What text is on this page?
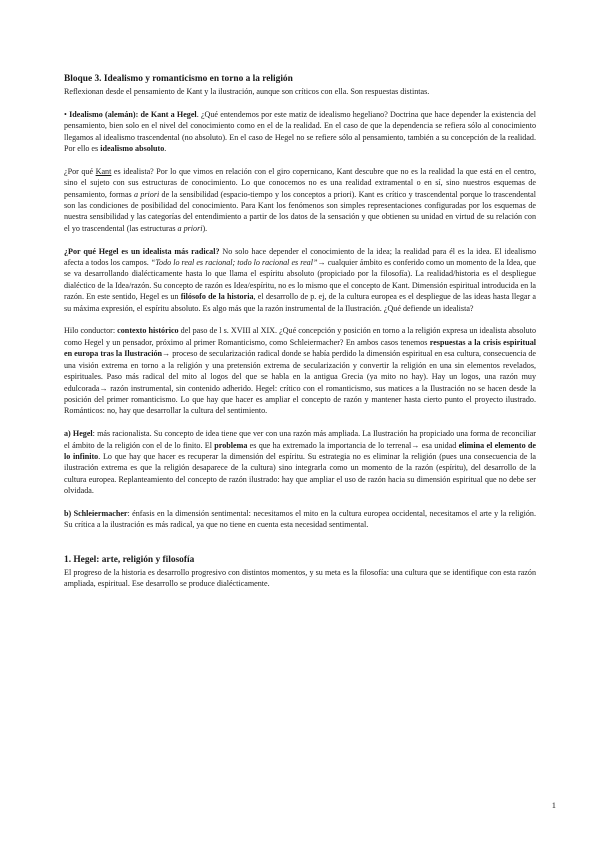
Bloque 3. Idealismo y romanticismo en torno a la religión

Reflexionan desde el pensamiento de Kant y la ilustración, aunque son críticos con ella. Son respuestas distintas.

• Idealismo (alemán): de Kant a Hegel. ¿Qué entendemos por este matiz de idealismo hegeliano? Doctrina que hace depender la existencia del pensamiento, bien solo en el nivel del conocimiento como en el de la realidad. En el caso de que la dependencia se refiera sólo al conocimiento llegamos al idealismo trascendental (no absoluto). En el caso de Hegel no se refiere sólo al pensamiento, también a su concepción de la realidad. Por ello es idealismo absoluto.

¿Por qué Kant es idealista? Por lo que vimos en relación con el giro copernicano, Kant descubre que no es la realidad la que está en el centro, sino el sujeto con sus estructuras de conocimiento. Lo que conocemos no es una realidad extramental o en sí, sino nuestros esquemas de pensamiento, formas a priori de la sensibilidad (espacio-tiempo y los conceptos a priori). Kant es crítico y trascendental porque lo trascendental son las condiciones de posibilidad del conocimiento. Para Kant los fenómenos son simples representaciones configuradas por los esquemas de nuestra sensibilidad y las categorías del entendimiento a partir de los datos de la sensación y que obtienen su unidad en virtud de su relación con el yo trascendental (las estructuras a priori).

¿Por qué Hegel es un idealista más radical? No solo hace depender el conocimiento de la idea; la realidad para él es la idea. El idealismo afecta a todos los campos. “Todo lo real es racional; todo lo racional es real”→ cualquier ámbito es conferido como un momento de la Idea, que se va desarrollando dialécticamente hasta lo que llama el espíritu absoluto (propiciado por la filosofía). La realidad/historia es el despliegue dialéctico de la Idea/razón. Su concepto de razón es Idea/espíritu, no es lo mismo que el concepto de Kant. Dimensión espiritual introducida en la razón. En este sentido, Hegel es un filósofo de la historia, el desarrollo de p. ej, de la cultura europea es el despliegue de las ideas hasta llegar a su máxima expresión, el espíritu absoluto. Es algo más que la razón instrumental de la Ilustración. ¿Qué defiende un idealista?

Hilo conductor: contexto histórico del paso de l s. XVIII al XIX. ¿Qué concepción y posición en torno a la religión expresa un idealista absoluto como Hegel y un pensador, próximo al primer Romanticismo, como Schleiermacher? En ambos casos tenemos respuestas a la crisis espiritual en europa tras la Ilustración→ proceso de secularización radical donde se había perdido la dimensión espiritual en esa cultura, consecuencia de una visión extrema en torno a la religión y una pretensión extrema de secularización y convertir la religión en una sin elementos revelados, espirituales. Paso más radical del mito al logos del que se habla en la antigua Grecia (ya mito no hay). Hay un logos, una razón muy edulcorada→ razón instrumental, sin contenido adherido. Hegel: crítico con el romanticismo, sus matices a la Ilustración no se hacen desde la posición del primer romanticismo. Lo que hay que hacer es ampliar el concepto de razón y mantener hasta cierto punto el proyecto ilustrado. Románticos: no, hay que desarrollar la cultura del sentimiento.

a) Hegel: más racionalista. Su concepto de idea tiene que ver con una razón más ampliada. La Ilustración ha propiciado una forma de reconciliar el ámbito de la religión con el de lo finito. El problema es que ha extremado la importancia de lo terrenal→ esa unidad elimina el elemento de lo infinito. Lo que hay que hacer es recuperar la dimensión del espíritu. Su estrategia no es eliminar la religión (pues una consecuencia de la ilustración extrema es que la religión desaparece de la cultura) sino integrarla como un momento de la razón (espíritu), del desarrollo de la cultura europea. Replanteamiento del concepto de razón ilustrado: hay que ampliar el uso de razón hacia su dimensión espiritual que no debe ser olvidada.

b) Schleiermacher: énfasis en la dimensión sentimental: necesitamos el mito en la cultura europea occidental, necesitamos el arte y la religión. Su crítica a la ilustración es más radical, ya que no tiene en cuenta esta necesidad sentimental.

1. Hegel: arte, religión y filosofía

El progreso de la historia es desarrollo progresivo con distintos momentos, y su meta es la filosofía: una cultura que se identifique con esta razón ampliada, espiritual. Ese desarrollo se produce dialécticamente.

1
